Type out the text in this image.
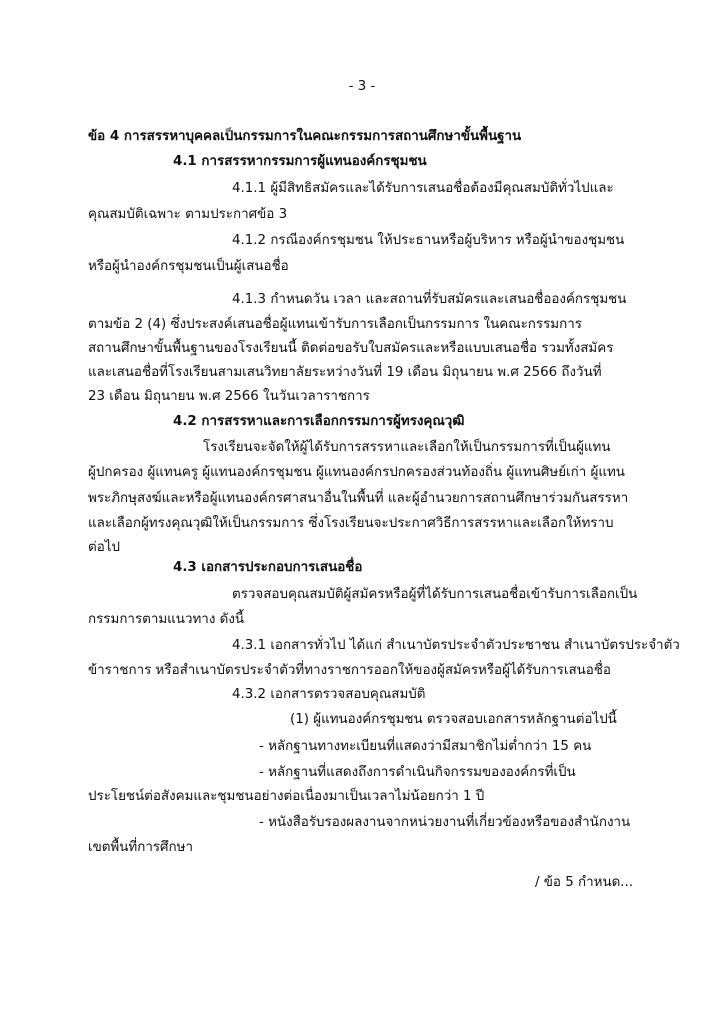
- 3 -

ข้อ 4 การสรรหาบุคคลเป็นกรรมการในคณะกรรมการสถานศึกษาขั้นพื้นฐาน

4.1 การสรรหากรรมการผู้แทนองค์กรชุมชน

4.1.1 ผู้มีสิทธิสมัครและได้รับการเสนอชื่อต้องมีคุณสมบัติทั่วไปและ

คุณสมบัติเฉพาะ ตามประกาศข้อ 3

4.1.2 กรณีองค์กรชุมชน ให้ประธานหรือผู้บริหาร หรือผู้นำของชุมชน

หรือผู้นำองค์กรชุมชนเป็นผู้เสนอชื่อ

4.1.3 กำหนดวัน เวลา และสถานที่รับสมัครและเสนอชื่อองค์กรชุมชน

ตามข้อ 2 (4) ซึ่งประสงค์เสนอชื่อผู้แทนเข้ารับการเลือกเป็นกรรมการ ในคณะกรรมการ

สถานศึกษาขั้นพื้นฐานของโรงเรียนนี้ ติดต่อขอรับใบสมัครและหรือแบบเสนอชื่อ รวมทั้งสมัคร

และเสนอชื่อที่โรงเรียนสามเสนวิทยาลัยระหว่างวันที่ 19 เดือน มิถุนายน พ.ศ 2566 ถึงวันที่

23 เดือน มิถุนายน พ.ศ 2566 ในวันเวลาราชการ

4.2 การสรรหาและการเลือกกรรมการผู้ทรงคุณวุฒิ

โรงเรียนจะจัดให้ผู้ได้รับการสรรหาและเลือกให้เป็นกรรมการที่เป็นผู้แทน

ผู้ปกครอง ผู้แทนครู ผู้แทนองค์กรชุมชน ผู้แทนองค์กรปกครองส่วนท้องถิ่น ผู้แทนศิษย์เก่า ผู้แทน

พระภิกษุสงฆ์และหรือผู้แทนองค์กรศาสนาอื่นในพื้นที่ และผู้อำนวยการสถานศึกษาร่วมกันสรรหา

และเลือกผู้ทรงคุณวุฒิให้เป็นกรรมการ ซึ่งโรงเรียนจะประกาศวิธีการสรรหาและเลือกให้ทราบ

ต่อไป

4.3 เอกสารประกอบการเสนอชื่อ

ตรวจสอบคุณสมบัติผู้สมัครหรือผู้ที่ได้รับการเสนอชื่อเข้ารับการเลือกเป็น

กรรมการตามแนวทาง ดังนี้

4.3.1 เอกสารทั่วไป ได้แก่ สำเนาบัตรประจำตัวประชาชน สำเนาบัตรประจำตัว

ข้าราชการ หรือสำเนาบัตรประจำตัวที่ทางราชการออกให้ของผู้สมัครหรือผู้ได้รับการเสนอชื่อ

4.3.2 เอกสารตรวจสอบคุณสมบัติ

(1) ผู้แทนองค์กรชุมชน ตรวจสอบเอกสารหลักฐานต่อไปนี้

- หลักฐานทางทะเบียนที่แสดงว่ามีสมาชิกไม่ต่ำกว่า 15 คน

- หลักฐานที่แสดงถึงการดำเนินกิจกรรมขององค์กรที่เป็น

ประโยชน์ต่อสังคมและชุมชนอย่างต่อเนื่องมาเป็นเวลาไม่น้อยกว่า 1 ปี

- หนังสือรับรองผลงานจากหน่วยงานที่เกี่ยวข้องหรือของสำนักงาน

เขตพื้นที่การศึกษา

/ ข้อ 5 กำหนด...
